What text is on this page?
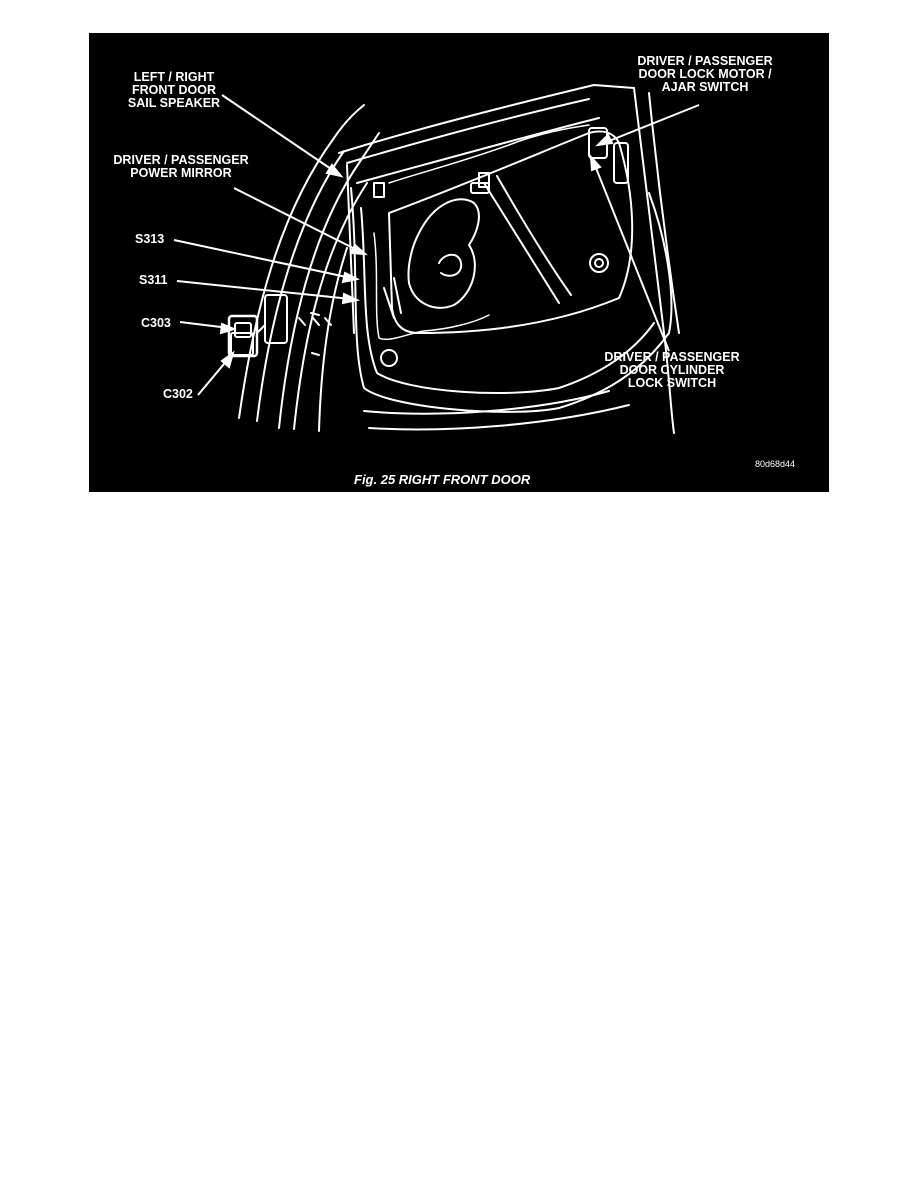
LEFT / RIGHT
FRONT DOOR
SAIL SPEAKER
DRIVER / PASSENGER
POWER MIRROR
S313
S311
C303
C302
DRIVER / PASSENGER
DOOR LOCK MOTOR /
AJAR SWITCH
DRIVER / PASSENGER
DOOR CYLINDER
LOCK SWITCH
80d68d44
Fig. 25 RIGHT FRONT DOOR
